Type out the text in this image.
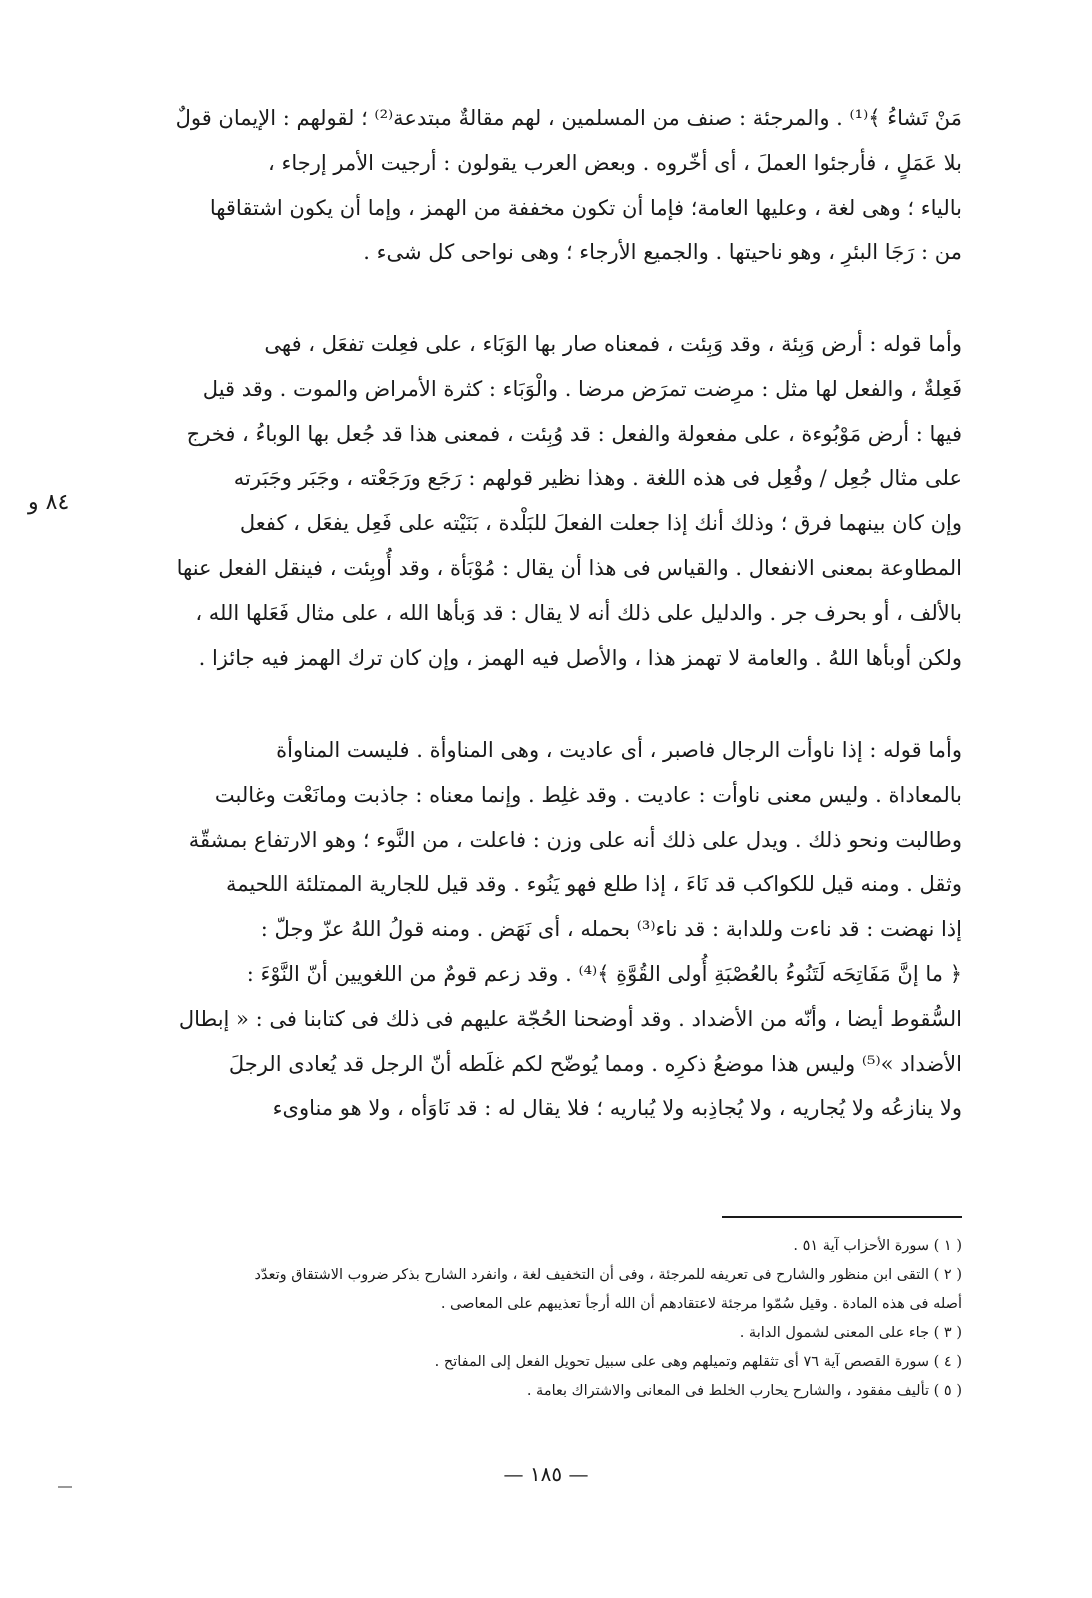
مَنْ تَشاءُ ﴾⁽¹⁾ . والمرجئة : صنف من المسلمين ، لهم مقالةٌ مبتدعة⁽²⁾ ؛ لقولهم : الإيمان قولٌ
بلا عَمَلٍ ، فأرجئوا العملَ ، أى أخّروه . وبعض العرب يقولون : أرجيت الأمر إرجاء ،
بالياء ؛ وهى لغة ، وعليها العامة؛ فإما أن تكون مخففة من الهمز ، وإما أن يكون اشتقاقها
من : رَجَا البئرِ ، وهو ناحيتها . والجميع الأرجاء ؛ وهى نواحى كل شىء .
وأما قوله : أرض وَبِئة ، وقد وَبِئت ، فمعناه صار بها الوَبَاء ، على فعِلت تفعَل ، فهى
فَعِلةٌ ، والفعل لها مثل : مرِضت تمرَض مرضا . والْوَبَاء : كثرة الأمراض والموت . وقد قيل
فيها : أرض مَوْبُوءة ، على مفعولة والفعل : قد وُبِئت ، فمعنى هذا قد جُعل بها الوباءُ ، فخرج
على مثال جُعِل / وفُعِل فى هذه اللغة . وهذا نظير قولهم : رَجَع ورَجَعْته ، وجَبَر وجَبَرته
وإن كان بينهما فرق ؛ وذلك أنك إذا جعلت الفعلَ للبَلْدة ، بَنَيْته على فَعِل يفعَل ، كفعل
المطاوعة بمعنى الانفعال . والقياس فى هذا أن يقال : مُوْبَأة ، وقد أُوبِئت ، فينقل الفعل عنها
بالألف ، أو بحرف جر . والدليل على ذلك أنه لا يقال : قد وَبأها الله ، على مثال فَعَلها الله ،
ولكن أوبأها اللهُ . والعامة لا تهمز هذا ، والأصل فيه الهمز ، وإن كان ترك الهمز فيه جائزا .
وأما قوله : إذا ناوأت الرجال فاصبر ، أى عاديت ، وهى المناوأة . فليست المناوأة
بالمعاداة . وليس معنى ناوأت : عاديت . وقد غلِط . وإنما معناه : جاذبت ومانَعْت وغالبت
وطالبت ونحو ذلك . ويدل على ذلك أنه على وزن : فاعلت ، من النَّوء ؛ وهو الارتفاع بمشقّة
وثقل . ومنه قيل للكواكب قد نَاءَ ، إذا طلع فهو يَنُوء . وقد قيل للجارية الممتلئة اللحيمة
إذا نهضت : قد ناءت وللدابة : قد ناء⁽³⁾ بحمله ، أى نَهَض . ومنه قولُ اللهُ عزّ وجلّ :
﴿ ما إنَّ مَفَاتِحَه لَتَنُوءُ بالعُصْبَةِ أُولى القُوَّةِ ﴾⁽⁴⁾ . وقد زعم قومٌ من اللغويين أنّ النَّوْءَ :
السُّقوط أيضا ، وأنّه من الأضداد . وقد أوضحنا الحُجّة عليهم فى ذلك فى كتابنا فى : « إبطال
الأضداد »⁽⁵⁾ وليس هذا موضعُ ذكرِه . ومما يُوضّح لكم غلَطه أنّ الرجل قد يُعادى الرجلَ
ولا ينازعُه ولا يُجاريه ، ولا يُجاذِبه ولا يُباريه ؛ فلا يقال له : قد نَاوَأه ، ولا هو مناوىء
٨٤ و
( ١ ) سورة الأحزاب آية ٥١ .
( ٢ ) التقى ابن منظور والشارح فى تعريفه للمرجئة ، وفى أن التخفيف لغة ، وانفرد الشارح بذكر ضروب الاشتقاق وتعدّد
أصله فى هذه المادة . وقيل سُمّوا مرجئة لاعتقادهم أن الله أرجأ تعذيبهم على المعاصى .
( ٣ ) جاء على المعنى لشمول الدابة .
( ٤ ) سورة القصص آية ٧٦ أى تثقلهم وتميلهم وهى على سبيل تحويل الفعل إلى المفاتح .
( ٥ ) تأليف مفقود ، والشارح يحارب الخلط فى المعانى والاشتراك بعامة .
— ١٨٥ —
